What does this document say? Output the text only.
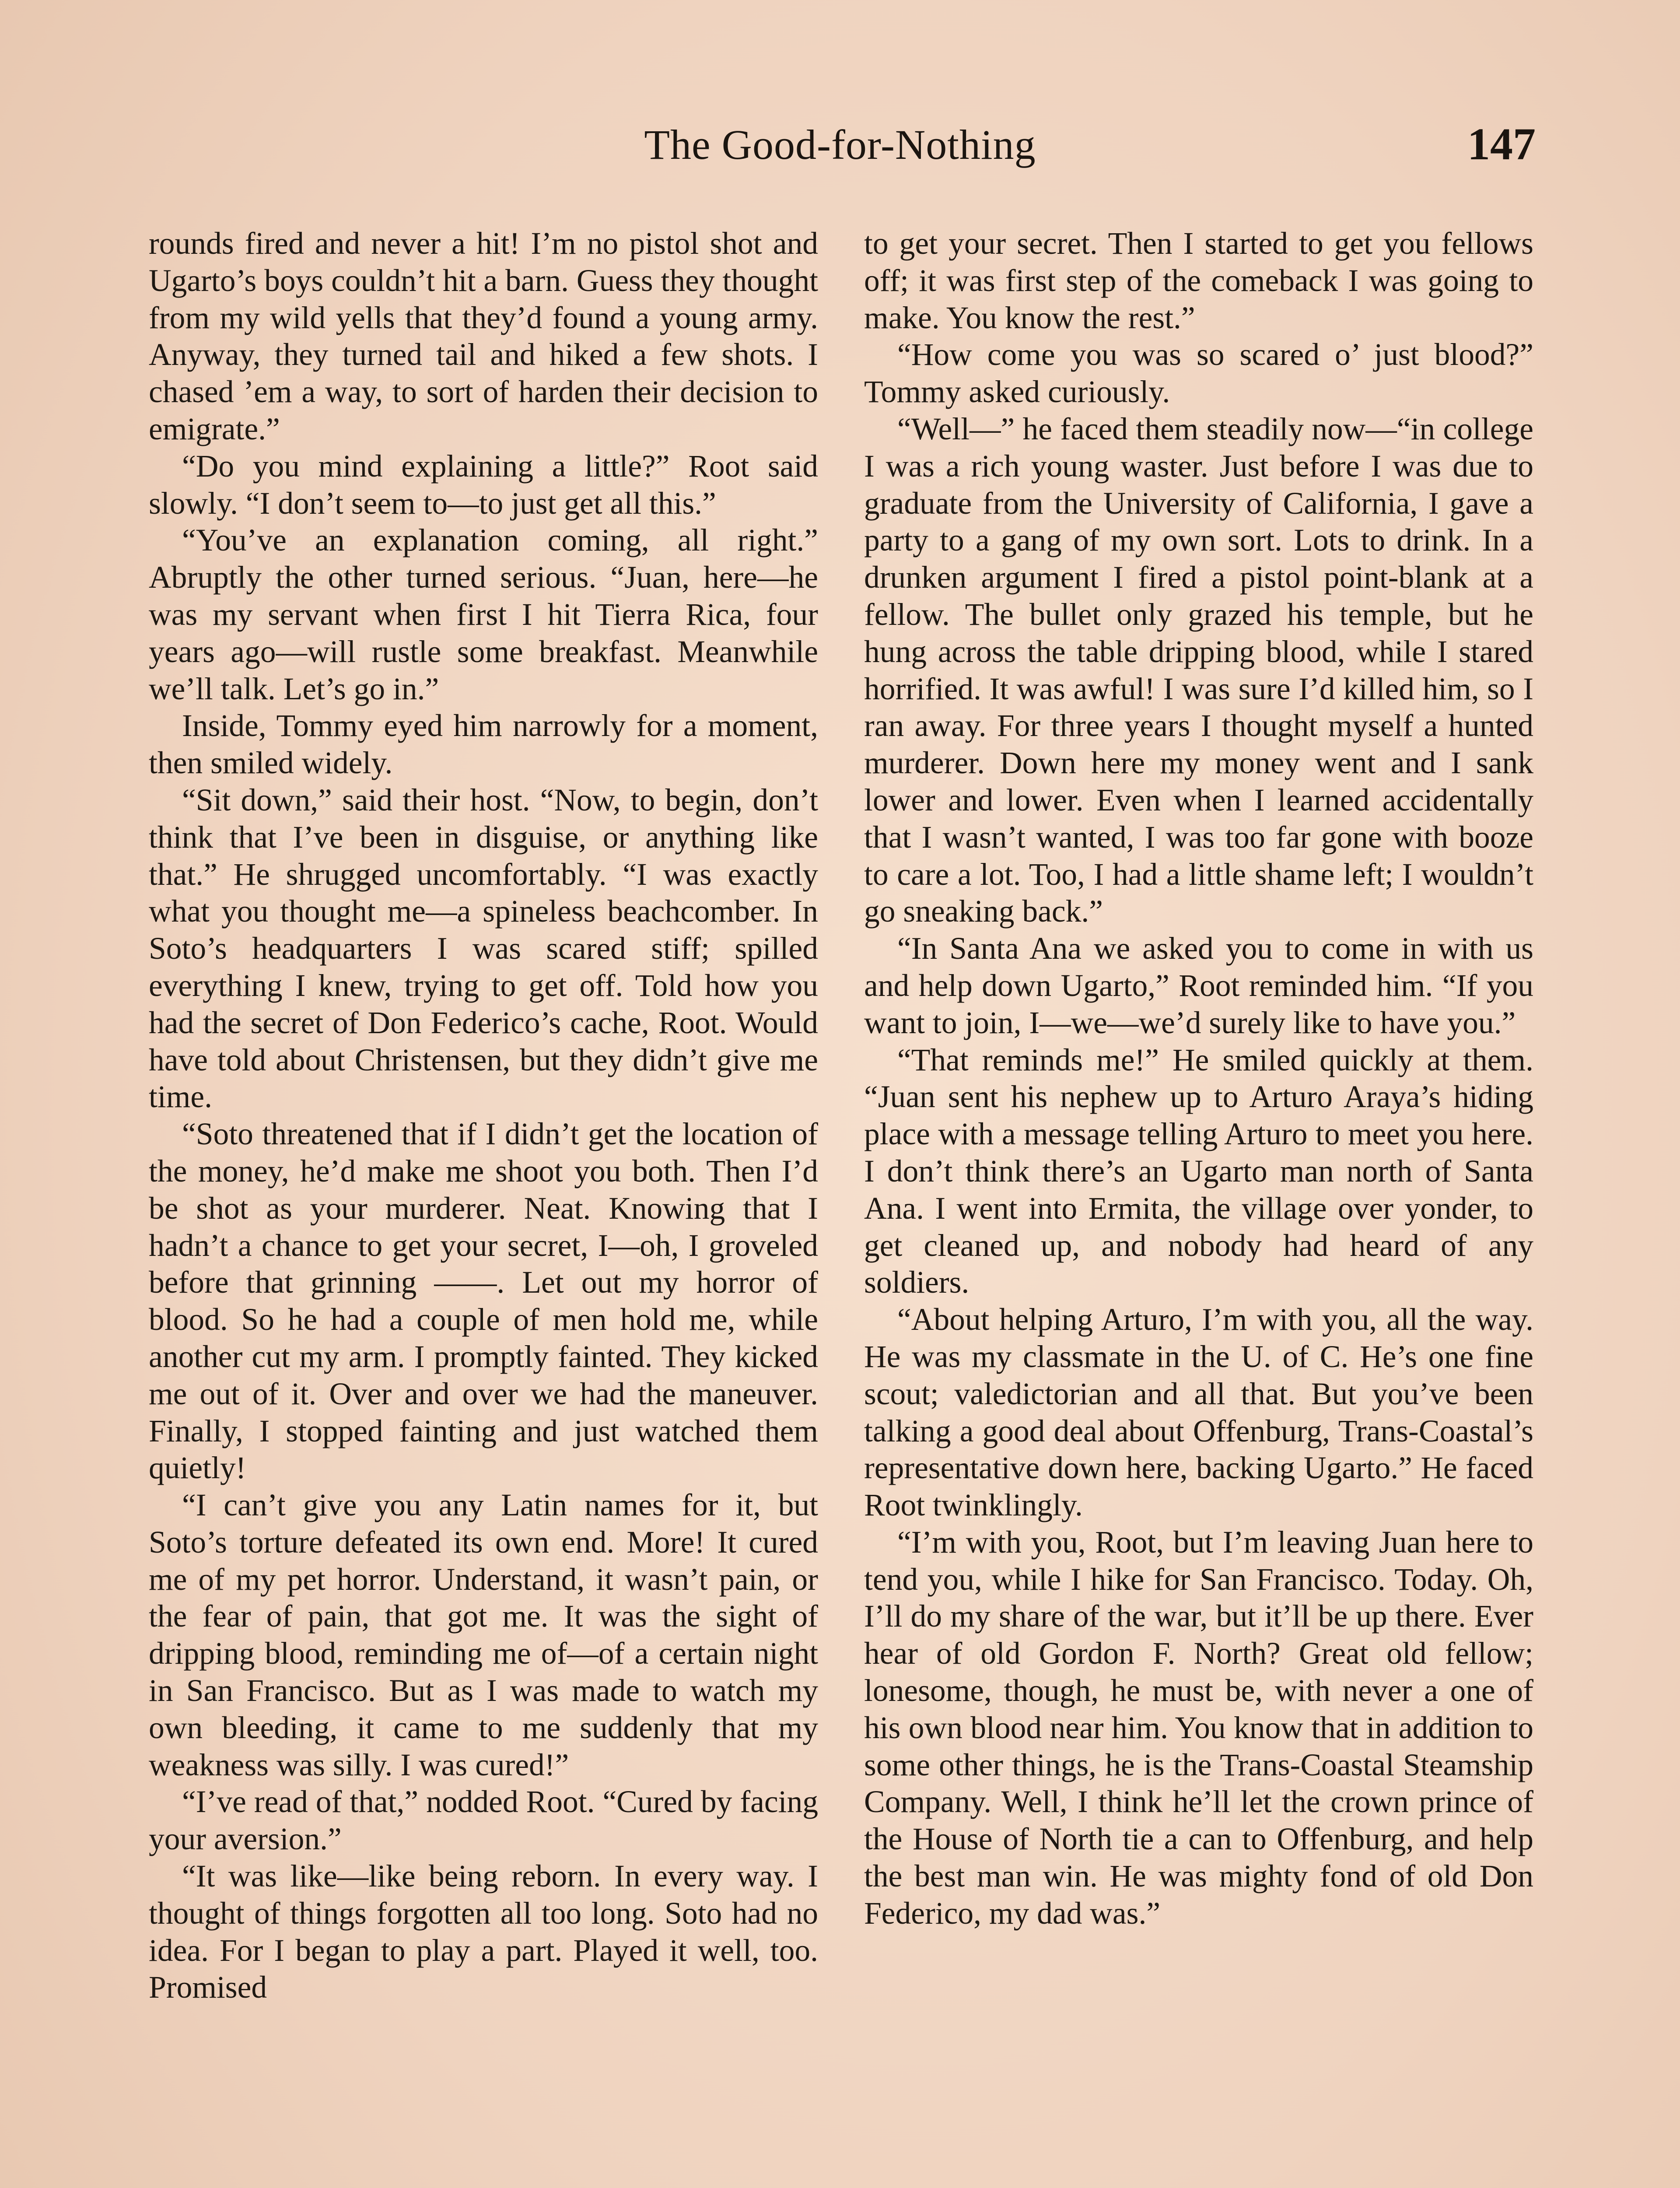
The Good-for-Nothing	147

rounds fired and never a hit! I’m no pistol shot and Ugarto’s boys couldn’t hit a barn. Guess they thought from my wild yells that they’d found a young army. Anyway, they turned tail and hiked a few shots. I chased ’em a way, to sort of harden their decision to emigrate.”

“Do you mind explaining a little?” Root said slowly. “I don’t seem to—to just get all this.”

“You’ve an explanation coming, all right.” Abruptly the other turned serious. “Juan, here—he was my servant when first I hit Tierra Rica, four years ago—will rustle some breakfast. Meanwhile we’ll talk. Let’s go in.”

Inside, Tommy eyed him narrowly for a moment, then smiled widely.

“Sit down,” said their host. “Now, to begin, don’t think that I’ve been in disguise, or anything like that.” He shrugged uncomfortably. “I was exactly what you thought me—a spineless beachcomber. In Soto’s headquarters I was scared stiff; spilled everything I knew, trying to get off. Told how you had the secret of Don Federico’s cache, Root. Would have told about Christensen, but they didn’t give me time.

“Soto threatened that if I didn’t get the location of the money, he’d make me shoot you both. Then I’d be shot as your murderer. Neat. Knowing that I hadn’t a chance to get your secret, I—oh, I groveled before that grinning ——. Let out my horror of blood. So he had a couple of men hold me, while another cut my arm. I promptly fainted. They kicked me out of it. Over and over we had the maneuver. Finally, I stopped fainting and just watched them quietly!

“I can’t give you any Latin names for it, but Soto’s torture defeated its own end. More! It cured me of my pet horror. Understand, it wasn’t pain, or the fear of pain, that got me. It was the sight of dripping blood, reminding me of—of a certain night in San Francisco. But as I was made to watch my own bleeding, it came to me suddenly that my weakness was silly. I was cured!”

“I’ve read of that,” nodded Root. “Cured by facing your aversion.”

“It was like—like being reborn. In every way. I thought of things forgotten all too long. Soto had no idea. For I began to play a part. Played it well, too. Promised

to get your secret. Then I started to get you fellows off; it was first step of the comeback I was going to make. You know the rest.”

“How come you was so scared o’ just blood?” Tommy asked curiously.

“Well—” he faced them steadily now—“in college I was a rich young waster. Just before I was due to graduate from the University of California, I gave a party to a gang of my own sort. Lots to drink. In a drunken argument I fired a pistol point-blank at a fellow. The bullet only grazed his temple, but he hung across the table dripping blood, while I stared horrified. It was awful! I was sure I’d killed him, so I ran away. For three years I thought myself a hunted murderer. Down here my money went and I sank lower and lower. Even when I learned accidentally that I wasn’t wanted, I was too far gone with booze to care a lot. Too, I had a little shame left; I wouldn’t go sneaking back.”

“In Santa Ana we asked you to come in with us and help down Ugarto,” Root reminded him. “If you want to join, I—we—we’d surely like to have you.”

“That reminds me!” He smiled quickly at them. “Juan sent his nephew up to Arturo Araya’s hiding place with a message telling Arturo to meet you here. I don’t think there’s an Ugarto man north of Santa Ana. I went into Ermita, the village over yonder, to get cleaned up, and nobody had heard of any soldiers.

“About helping Arturo, I’m with you, all the way. He was my classmate in the U. of C. He’s one fine scout; valedictorian and all that. But you’ve been talking a good deal about Offenburg, Trans-Coastal’s representative down here, backing Ugarto.” He faced Root twinklingly.

“I’m with you, Root, but I’m leaving Juan here to tend you, while I hike for San Francisco. Today. Oh, I’ll do my share of the war, but it’ll be up there. Ever hear of old Gordon F. North? Great old fellow; lonesome, though, he must be, with never a one of his own blood near him. You know that in addition to some other things, he is the Trans-Coastal Steamship Company. Well, I think he’ll let the crown prince of the House of North tie a can to Offenburg, and help the best man win. He was mighty fond of old Don Federico, my dad was.”
